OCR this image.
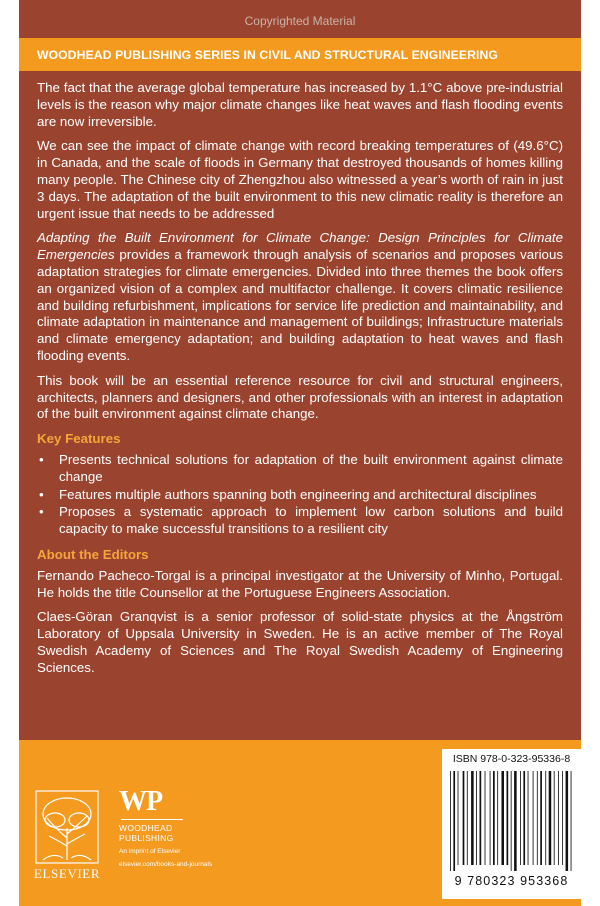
Copyrighted Material
WOODHEAD PUBLISHING SERIES IN CIVIL AND STRUCTURAL ENGINEERING

The fact that the average global temperature has increased by 1.1°C above pre-industrial levels is the reason why major climate changes like heat waves and flash flooding events are now irreversible.

We can see the impact of climate change with record breaking temperatures of (49.6°C) in Canada, and the scale of floods in Germany that destroyed thousands of homes killing many people. The Chinese city of Zhengzhou also witnessed a year’s worth of rain in just 3 days. The adaptation of the built environment to this new climatic reality is therefore an urgent issue that needs to be addressed

Adapting the Built Environment for Climate Change: Design Principles for Climate Emergencies provides a framework through analysis of scenarios and proposes various adaptation strategies for climate emergencies. Divided into three themes the book offers an organized vision of a complex and multifactor challenge. It covers climatic resilience and building refurbishment, implications for service life prediction and maintainability, and climate adaptation in maintenance and management of buildings; Infrastructure materials and climate emergency adaptation; and building adaptation to heat waves and flash flooding events.

This book will be an essential reference resource for civil and structural engineers, architects, planners and designers, and other professionals with an interest in adaptation of the built environment against climate change.

Key Features
• Presents technical solutions for adaptation of the built environment against climate change
• Features multiple authors spanning both engineering and architectural disciplines
• Proposes a systematic approach to implement low carbon solutions and build capacity to make successful transitions to a resilient city
About the Editors

Fernando Pacheco-Torgal is a principal investigator at the University of Minho, Portugal. He holds the title Counsellor at the Portuguese Engineers Association.

Claes-Göran Granqvist is a senior professor of solid-state physics at the Ångström Laboratory of Uppsala University in Sweden. He is an active member of The Royal Swedish Academy of Sciences and The Royal Swedish Academy of Engineering Sciences.

ELSEVIER
WP
WOODHEAD
PUBLISHING
An imprint of Elsevier
elsevier.com/books-and-journals
ISBN 978-0-323-95336-8
9 780323 953368
